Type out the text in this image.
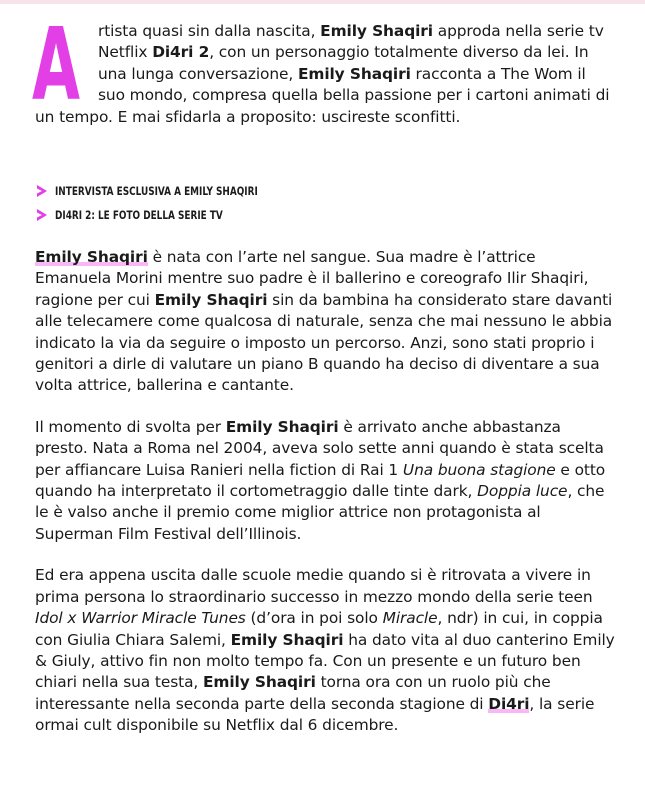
A rtista quasi sin dalla nascita, Emily Shaqiri approda nella serie tv Netflix Di4ri 2, con un personaggio totalmente diverso da lei. In una lunga conversazione, Emily Shaqiri racconta a The Wom il suo mondo, compresa quella bella passione per i cartoni animati di un tempo. E mai sfidarla a proposito: uscireste sconfitti.
INTERVISTA ESCLUSIVA A EMILY SHAQIRI
DI4RI 2: LE FOTO DELLA SERIE TV

Emily Shaqiri è nata con l’arte nel sangue. Sua madre è l’attrice Emanuela Morini mentre suo padre è il ballerino e coreografo Ilir Shaqiri, ragione per cui Emily Shaqiri sin da bambina ha considerato stare davanti alle telecamere come qualcosa di naturale, senza che mai nessuno le abbia indicato la via da seguire o imposto un percorso. Anzi, sono stati proprio i genitori a dirle di valutare un piano B quando ha deciso di diventare a sua volta attrice, ballerina e cantante.

Il momento di svolta per Emily Shaqiri è arrivato anche abbastanza presto. Nata a Roma nel 2004, aveva solo sette anni quando è stata scelta per affiancare Luisa Ranieri nella fiction di Rai 1 Una buona stagione e otto quando ha interpretato il cortometraggio dalle tinte dark, Doppia luce, che le è valso anche il premio come miglior attrice non protagonista al Superman Film Festival dell’Illinois.

Ed era appena uscita dalle scuole medie quando si è ritrovata a vivere in prima persona lo straordinario successo in mezzo mondo della serie teen Idol x Warrior Miracle Tunes (d’ora in poi solo Miracle, ndr) in cui, in coppia con Giulia Chiara Salemi, Emily Shaqiri ha dato vita al duo canterino Emily & Giuly, attivo fin non molto tempo fa. Con un presente e un futuro ben chiari nella sua testa, Emily Shaqiri torna ora con un ruolo più che interessante nella seconda parte della seconda stagione di Di4ri, la serie ormai cult disponibile su Netflix dal 6 dicembre.
